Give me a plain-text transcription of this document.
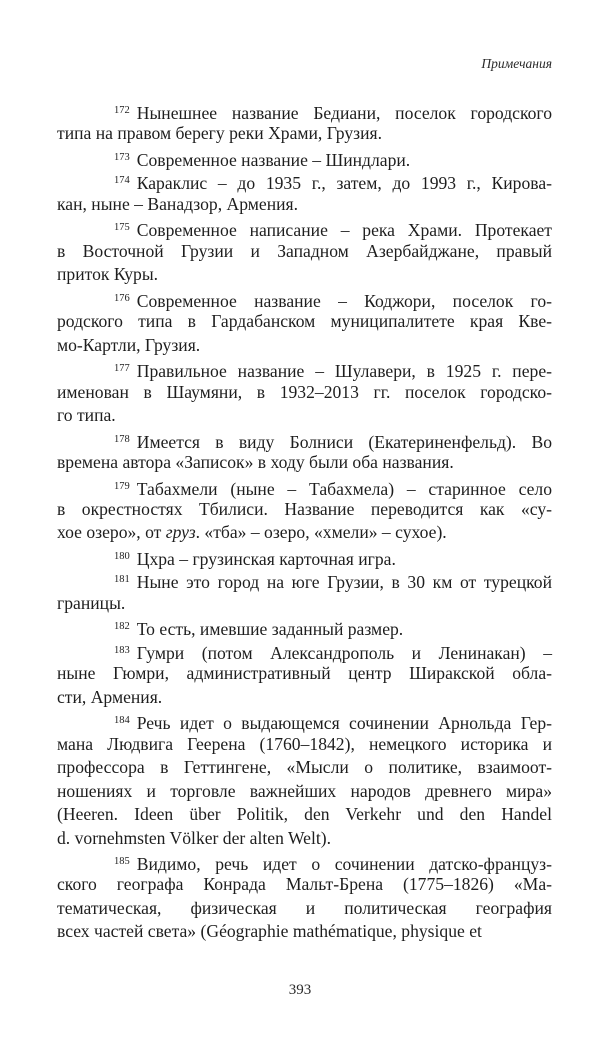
Примечания
$^{172}$ Нынешнее название Бедиани, поселок городского
типа на правом берегу реки Храми, Грузия.
$^{173}$ Современное название – Шиндлари.
$^{174}$ Караклис – до 1935 г., затем, до 1993 г., Кирова-
кан, ныне – Ванадзор, Армения.
$^{175}$ Современное написание – река Храми. Протекает
в Восточной Грузии и Западном Азербайджане, правый
приток Куры.
$^{176}$ Современное название – Коджори, поселок го-
родского типа в Гардабанском муниципалитете края Кве-
мо-Картли, Грузия.
$^{177}$ Правильное название – Шулавери, в 1925 г. пере-
именован в Шаумяни, в 1932–2013 гг. поселок городско-
го типа.
$^{178}$ Имеется в виду Болниси (Екатериненфельд). Во
времена автора «Записок» в ходу были оба названия.
$^{179}$ Табахмели (ныне – Табахмела) – старинное село
в окрестностях Тбилиси. Название переводится как «су-
хое озеро», от груз. «тба» – озеро, «хмели» – сухое).
$^{180}$ Цхра – грузинская карточная игра.
$^{181}$ Ныне это город на юге Грузии, в 30 км от турецкой
границы.
$^{182}$ То есть, имевшие заданный размер.
$^{183}$ Гумри (потом Александрополь и Ленинакан) –
ныне Гюмри, административный центр Ширакской обла-
сти, Армения.
$^{184}$ Речь идет о выдающемся сочинении Арнольда Гер-
мана Людвига Геерена (1760–1842), немецкого историка и
профессора в Геттингене, «Мысли о политике, взаимоот-
ношениях и торговле важнейших народов древнего мира»
(Heeren. Ideen über Politik, den Verkehr und den Handel
d. vornehmsten Völker der alten Welt).
$^{185}$ Видимо, речь идет о сочинении датско-француз-
ского географа Конрада Мальт-Брена (1775–1826) «Ма-
тематическая, физическая и политическая география
всех частей света» (Géographie mathématique, physique et
393
